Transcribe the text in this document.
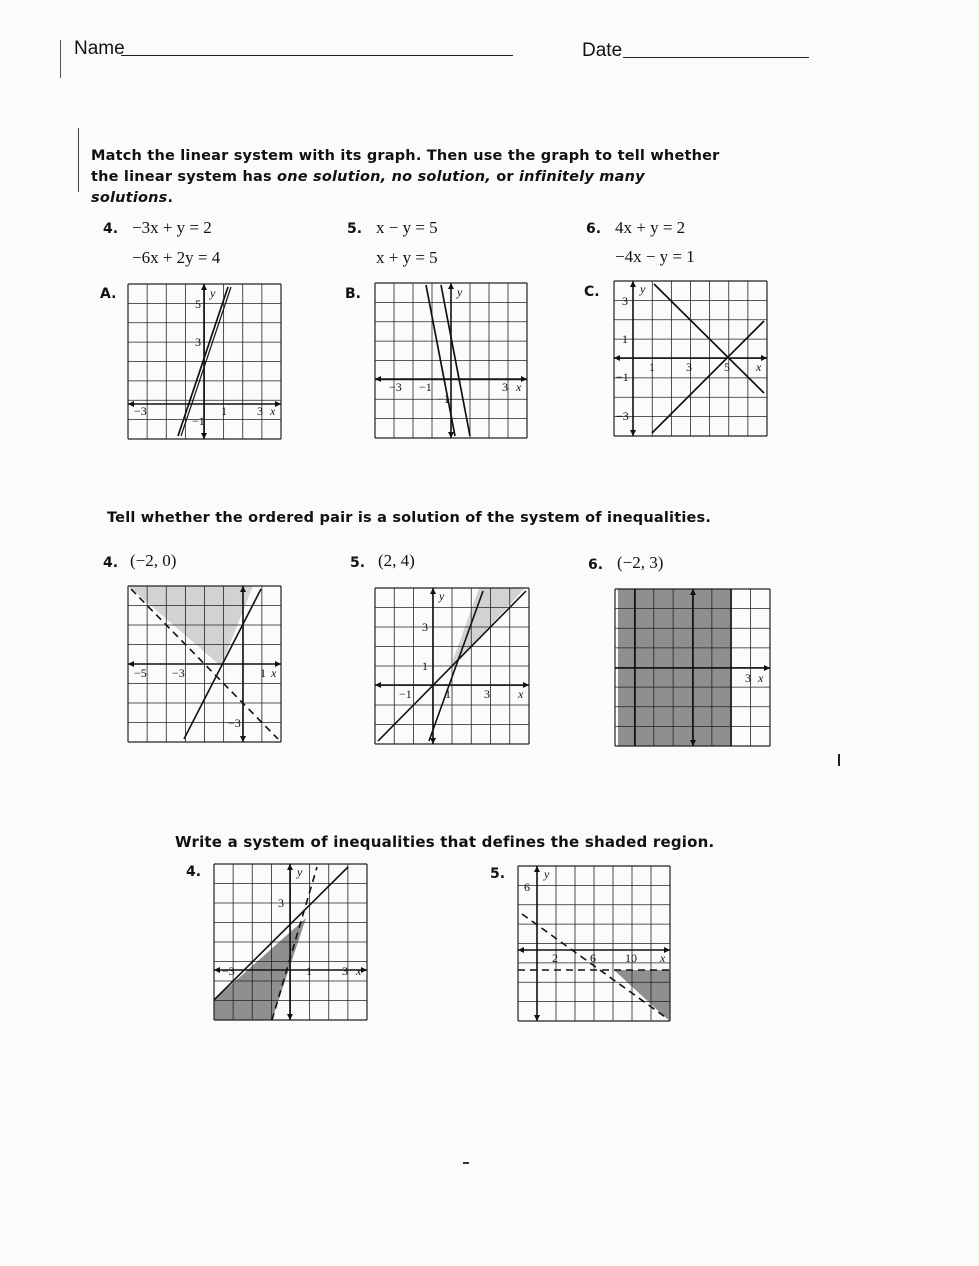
Name	Date
Match the linear system with its graph. Then use the graph to tell whether the linear system has one solution, no solution, or infinitely many solutions.
4. −3x + y = 2
−6x + 2y = 4
5. x − y = 5
x + y = 5
6. 4x + y = 2
−4x − y = 1
A.	B.	C.
5
3
−3	1	3
−1
x
y
−3 −1
−1
3 x
y
3
1
−1
−3
1	3	5 x
y
Tell whether the ordered pair is a solution of the system of inequalities.
4. (−2, 0)	5. (2, 4)	6. (−2, 3)
−5 −3	1
−3
x
3
1
−1	1	3 x
y
3 x
Write a system of inequalities that defines the shaded region.
4.	5.
3
−3	1	3 x
y
6
2	6 10 x
y
